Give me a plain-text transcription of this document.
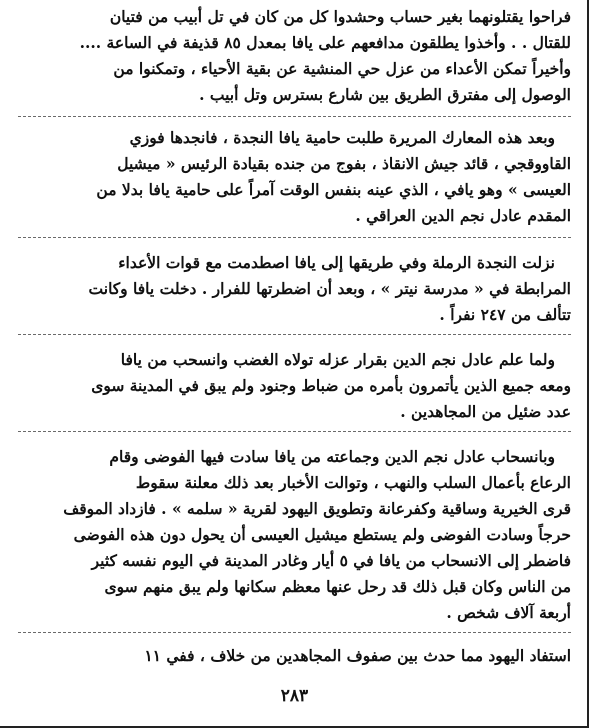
فراحوا يقتلونهما بغير حساب وحشدوا كل من كان في تل أبيب من فتيان
للقتال . . وأخذوا يطلقون مدافعهم على يافا بمعدل ٨٥ قذيفة في الساعة ....
وأخيراً تمكن الأعداء من عزل حي المنشية عن بقية الأحياء ، وتمكنوا من
الوصول إلى مفترق الطريق بين شارع بسترس وتل أبيب .
وبعد هذه المعارك المريرة طلبت حامية يافا النجدة ، فانجدها فوزي
القاووقجي ، قائد جيش الانقاذ ، بفوج من جنده بقيادة الرئيس « ميشيل
العيسى » وهو يافي ، الذي عينه بنفس الوقت آمراً على حامية يافا بدلا من
المقدم عادل نجم الدين العراقي .
نزلت النجدة الرملة وفي طريقها إلى يافا اصطدمت مع قوات الأعداء
المرابطة في « مدرسة نيتر » ، وبعد أن اضطرتها للفرار . دخلت يافا وكانت
تتألف من ٢٤٧ نفراً .
ولما علم عادل نجم الدين بقرار عزله تولاه الغضب وانسحب من يافا
ومعه جميع الذين يأتمرون بأمره من ضباط وجنود ولم يبق في المدينة سوى
عدد ضئيل من المجاهدين .
وبانسحاب عادل نجم الدين وجماعته من يافا سادت فيها الفوضى وقام
الرعاع بأعمال السلب والنهب ، وتوالت الأخبار بعد ذلك معلنة سقوط
قرى الخيرية وساقية وكفرعانة وتطويق اليهود لقرية « سلمه » . فازداد الموقف
حرجاً وسادت الفوضى ولم يستطع ميشيل العيسى أن يحول دون هذه الفوضى
فاضطر إلى الانسحاب من يافا في ٥ أيار وغادر المدينة في اليوم نفسه كثير
من الناس وكان قبل ذلك قد رحل عنها معظم سكانها ولم يبق منهم سوى
أربعة آلاف شخص .
استفاد اليهود مما حدث بين صفوف المجاهدين من خلاف ، ففي ١١
٢٨٣
